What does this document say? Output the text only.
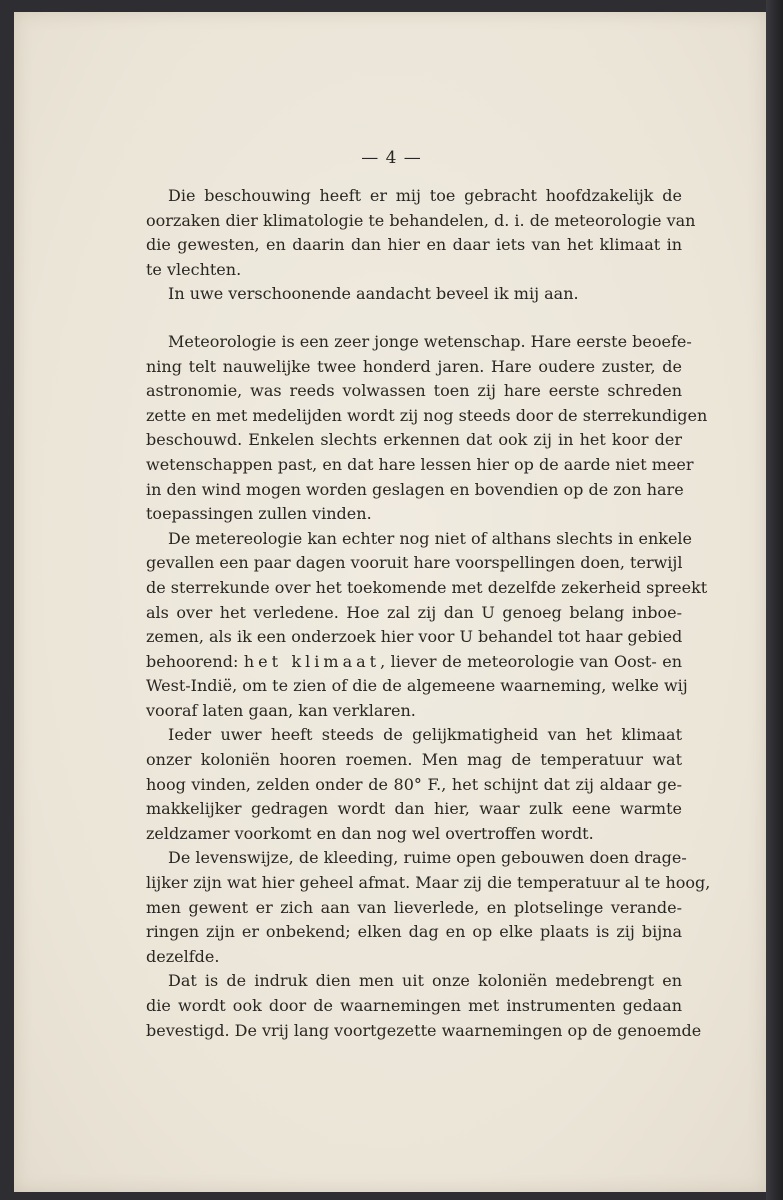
— 4 —
Die beschouwing heeft er mij toe gebracht hoofdzakelijk de
oorzaken dier klimatologie te behandelen, d. i. de meteorologie van
die gewesten, en daarin dan hier en daar iets van het klimaat in
te vlechten.
In uwe verschoonende aandacht beveel ik mij aan.
Meteorologie is een zeer jonge wetenschap. Hare eerste beoefe-
ning telt nauwelijke twee honderd jaren. Hare oudere zuster, de
astronomie, was reeds volwassen toen zij hare eerste schreden
zette en met medelijden wordt zij nog steeds door de sterrekundigen
beschouwd. Enkelen slechts erkennen dat ook zij in het koor der
wetenschappen past, en dat hare lessen hier op de aarde niet meer
in den wind mogen worden geslagen en bovendien op de zon hare
toepassingen zullen vinden.
De metereologie kan echter nog niet of althans slechts in enkele
gevallen een paar dagen vooruit hare voorspellingen doen, terwijl
de sterrekunde over het toekomende met dezelfde zekerheid spreekt
als over het verledene. Hoe zal zij dan U genoeg belang inboe-
zemen, als ik een onderzoek hier voor U behandel tot haar gebied
behoorend: het klimaat, liever de meteorologie van Oost- en
West-Indië, om te zien of die de algemeene waarneming, welke wij
vooraf laten gaan, kan verklaren.
Ieder uwer heeft steeds de gelijkmatigheid van het klimaat
onzer koloniën hooren roemen. Men mag de temperatuur wat
hoog vinden, zelden onder de 80° F., het schijnt dat zij aldaar ge-
makkelijker gedragen wordt dan hier, waar zulk eene warmte
zeldzamer voorkomt en dan nog wel overtroffen wordt.
De levenswijze, de kleeding, ruime open gebouwen doen drage-
lijker zijn wat hier geheel afmat. Maar zij die temperatuur al te hoog,
men gewent er zich aan van lieverlede, en plotselinge verande-
ringen zijn er onbekend; elken dag en op elke plaats is zij bijna
dezelfde.
Dat is de indruk dien men uit onze koloniën medebrengt en
die wordt ook door de waarnemingen met instrumenten gedaan
bevestigd. De vrij lang voortgezette waarnemingen op de genoemde
